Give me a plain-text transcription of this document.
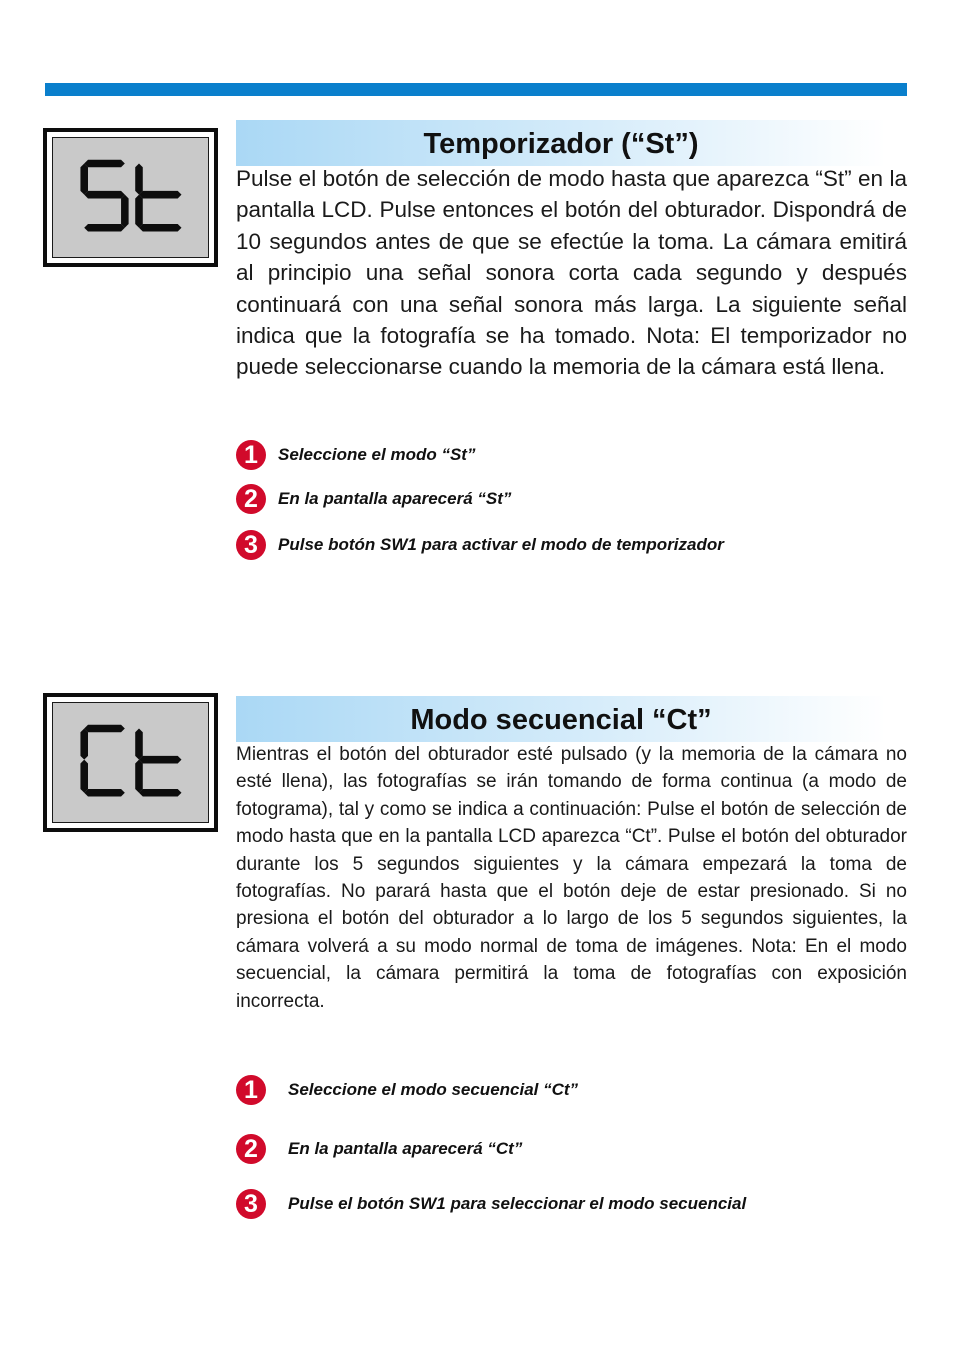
Temporizador (“St”)

Pulse el botón de selección de modo hasta que aparezca “St” en la pantalla LCD. Pulse entonces el botón del obturador. Dispondrá de 10 segundos antes de que se efectúe la toma. La cámara emitirá al principio una señal sonora corta cada segundo y después continuará con una señal sonora más larga. La siguiente señal indica que la fotografía se ha tomado. Nota: El temporizador no puede seleccionarse cuando la memoria de la cámara está llena.

1	Seleccione el modo “St”
2	En la pantalla aparecerá “St”
3	Pulse botón SW1 para activar el modo de temporizador
Modo secuencial “Ct”

Mientras el botón del obturador esté pulsado (y la memoria de la cámara no esté llena), las fotografías se irán tomando de forma continua (a modo de fotograma), tal y como se indica a continuación: Pulse el botón de selección de modo hasta que en la pantalla LCD aparezca “Ct”. Pulse el botón del obturador durante los 5 segundos siguientes y la cámara empezará la toma de fotografías. No parará hasta que el botón deje de estar presionado. Si no presiona el botón del obturador a lo largo de los 5 segundos siguientes, la cámara volverá a su modo normal de toma de imágenes. Nota: En el modo secuencial, la cámara permitirá la toma de fotografías con exposición incorrecta.

1	Seleccione el modo secuencial “Ct”
2	En la pantalla aparecerá “Ct”
3	Pulse el botón SW1 para seleccionar el modo secuencial
